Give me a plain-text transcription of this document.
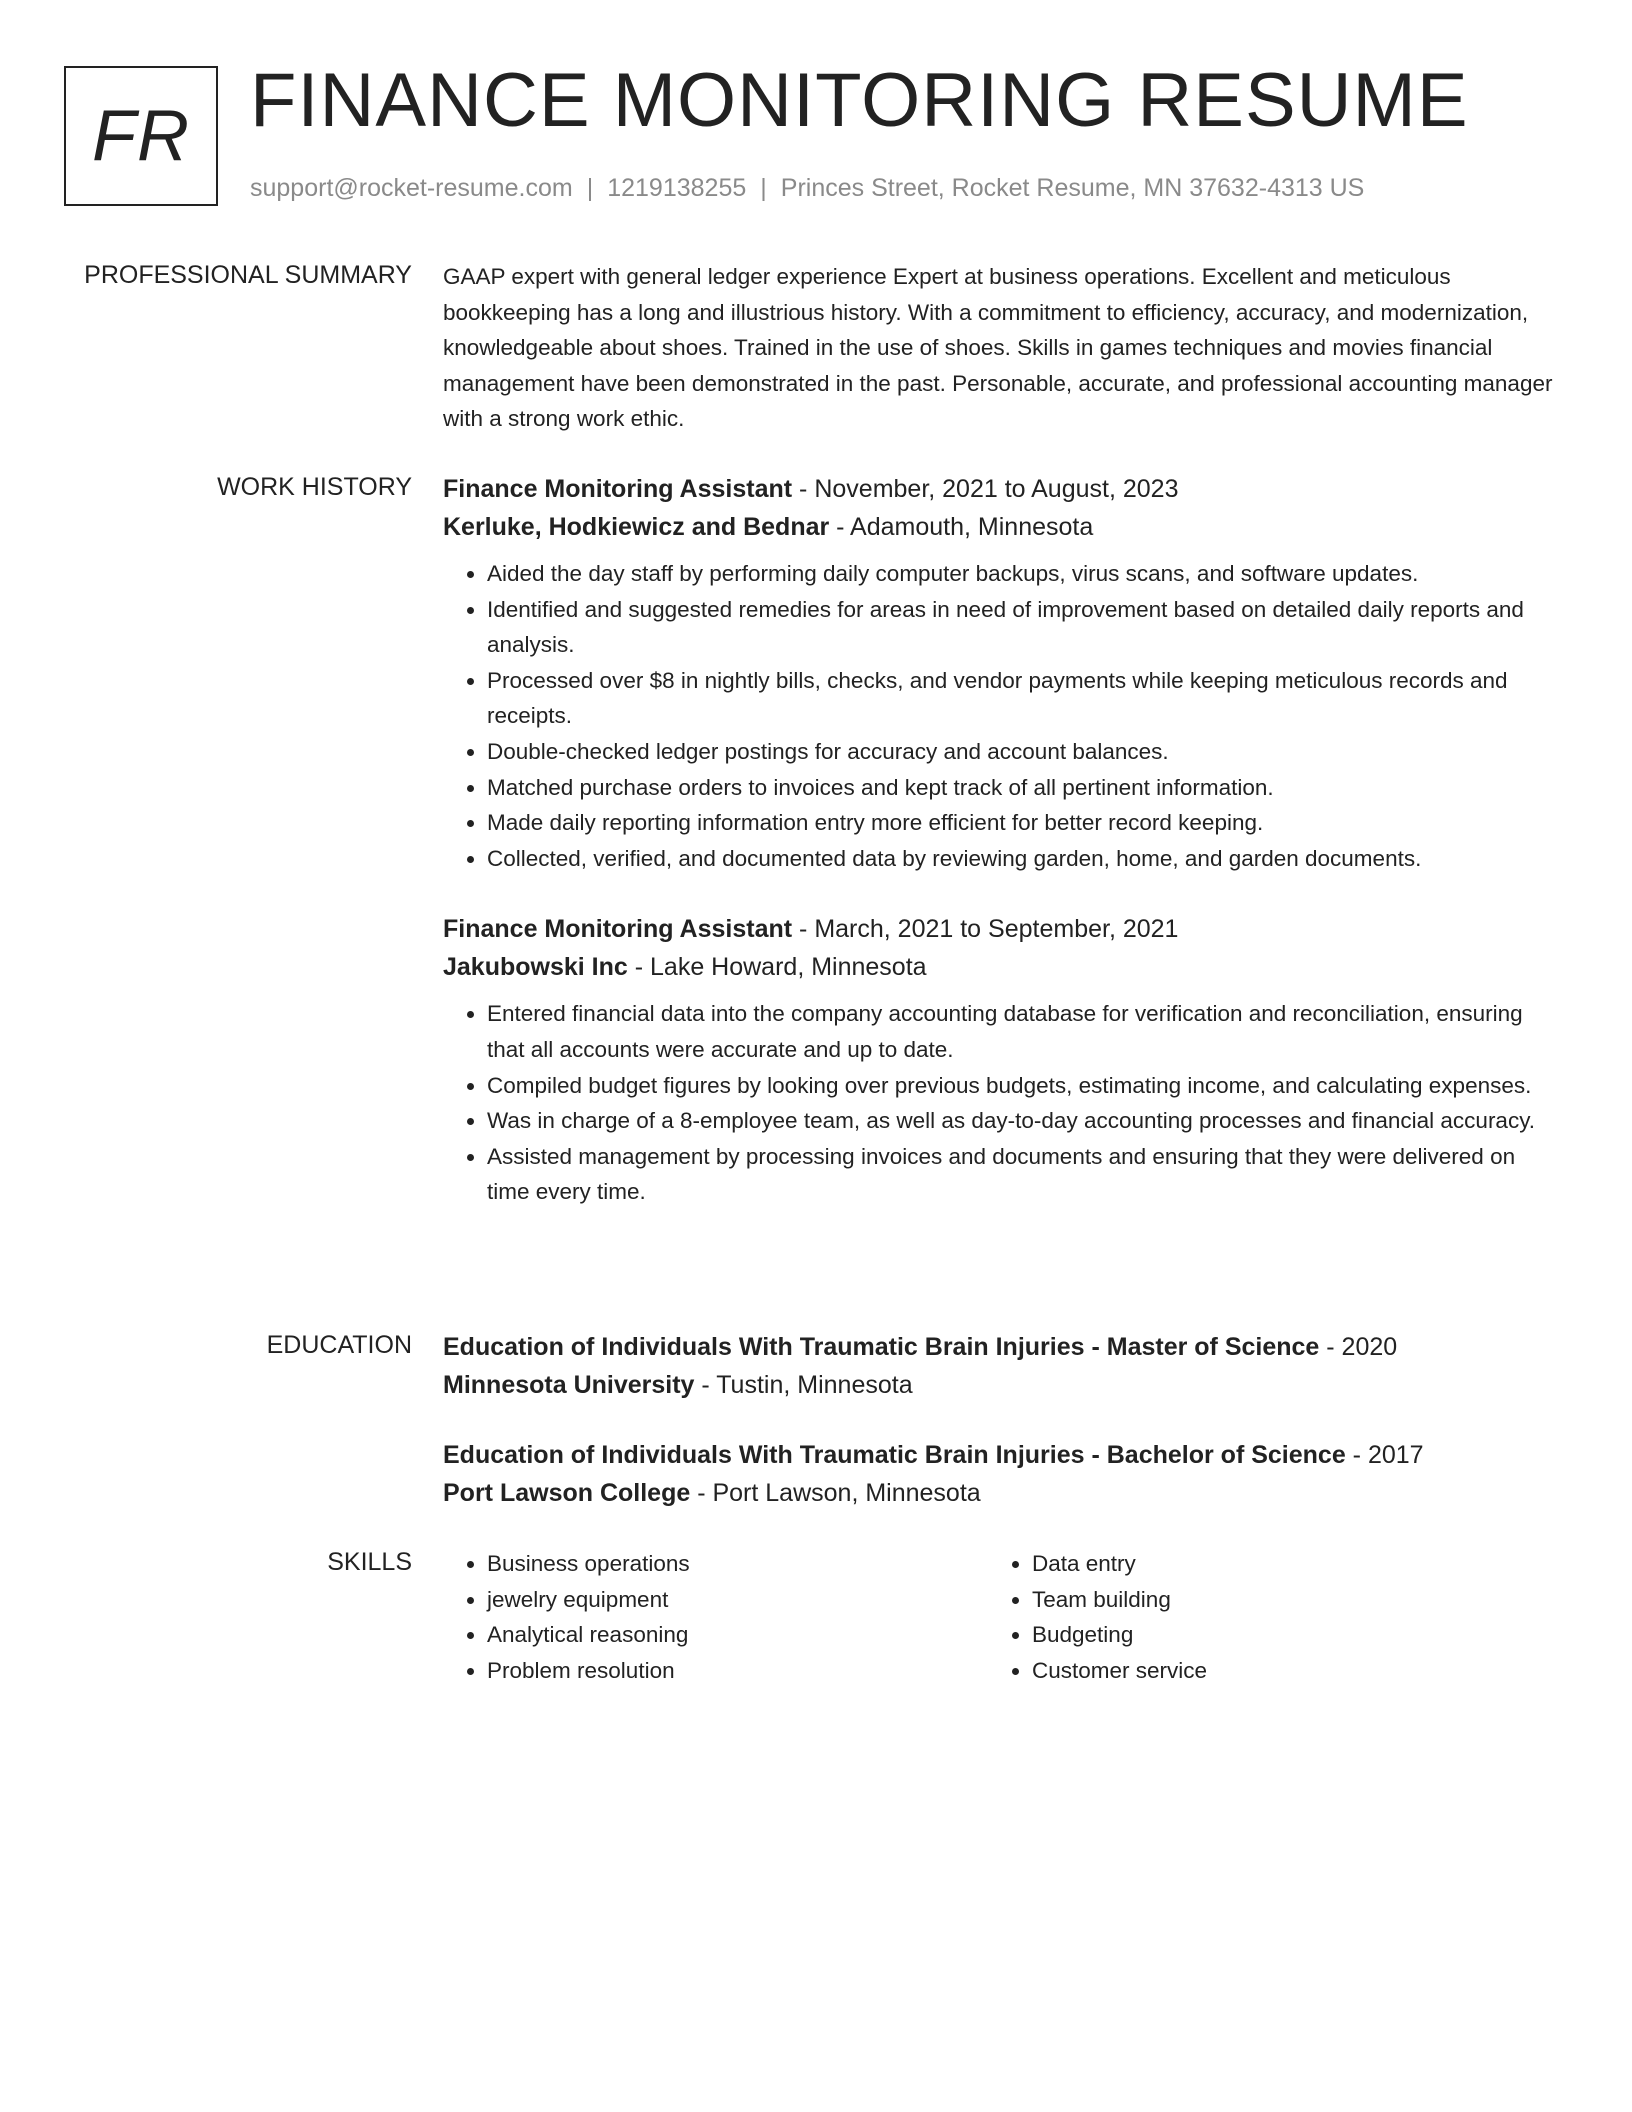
FR FINANCE MONITORING RESUME
support@rocket-resume.com | 1219138255 | Princes Street, Rocket Resume, MN 37632-4313 US
PROFESSIONAL SUMMARY GAAP expert with general ledger experience Expert at business operations. Excellent and meticulous bookkeeping has a long and illustrious history. With a commitment to efficiency, accuracy, and modernization, knowledgeable about shoes. Trained in the use of shoes. Skills in games techniques and movies financial management have been demonstrated in the past. Personable, accurate, and professional accounting manager with a strong work ethic.

WORK HISTORY Finance Monitoring Assistant - November, 2021 to August, 2023
Kerluke, Hodkiewicz and Bednar - Adamouth, Minnesota
• Aided the day staff by performing daily computer backups, virus scans, and software updates.
• Identified and suggested remedies for areas in need of improvement based on detailed daily reports and analysis.
• Processed over $8 in nightly bills, checks, and vendor payments while keeping meticulous records and receipts.
• Double-checked ledger postings for accuracy and account balances.
• Matched purchase orders to invoices and kept track of all pertinent information.
• Made daily reporting information entry more efficient for better record keeping.
• Collected, verified, and documented data by reviewing garden, home, and garden documents.
Finance Monitoring Assistant - March, 2021 to September, 2021
Jakubowski Inc - Lake Howard, Minnesota
• Entered financial data into the company accounting database for verification and reconciliation, ensuring that all accounts were accurate and up to date.
• Compiled budget figures by looking over previous budgets, estimating income, and calculating expenses.
• Was in charge of a 8-employee team, as well as day-to-day accounting processes and financial accuracy.
• Assisted management by processing invoices and documents and ensuring that they were delivered on time every time.
EDUCATION Education of Individuals With Traumatic Brain Injuries - Master of Science - 2020
Minnesota University - Tustin, Minnesota
Education of Individuals With Traumatic Brain Injuries - Bachelor of Science - 2017
Port Lawson College - Port Lawson, Minnesota
SKILLS
•	Business operations
• jewelry equipment
• Analytical reasoning
• Problem resolution
• Data entry
• Team building
• Budgeting
• Customer service
